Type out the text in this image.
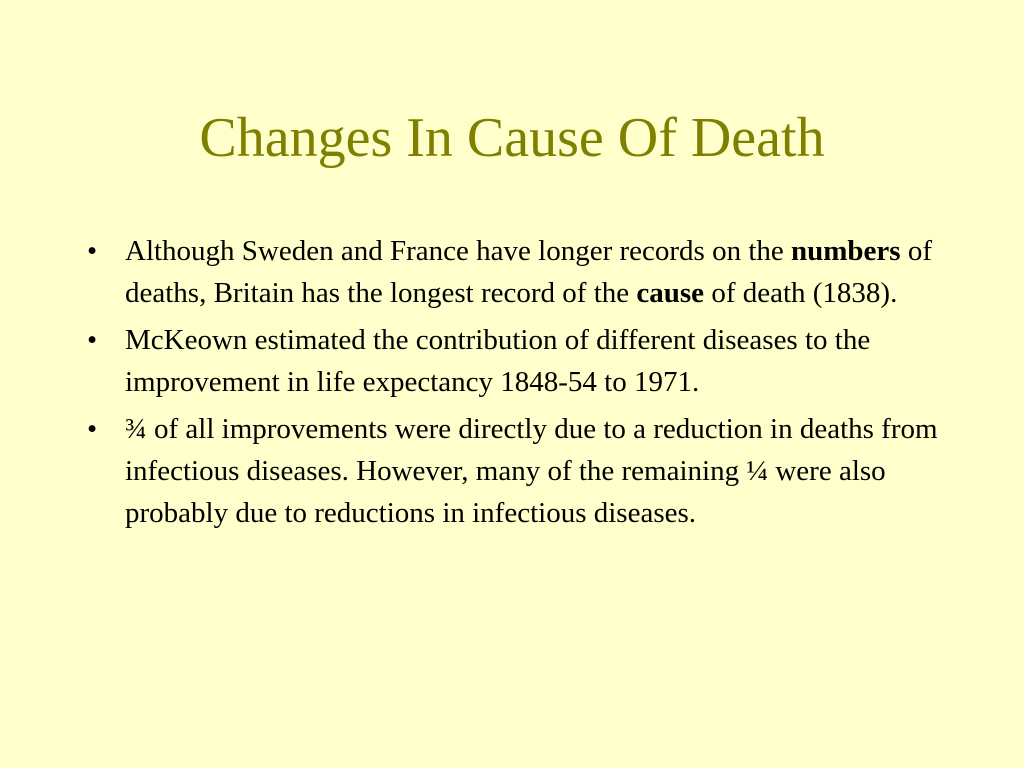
Changes In Cause Of Death
• Although Sweden and France have longer records on the numbers of deaths, Britain has the longest record of the cause of death (1838).
• McKeown estimated the contribution of different diseases to the improvement in life expectancy 1848-54 to 1971.
• ¾ of all improvements were directly due to a reduction in deaths from infectious diseases. However, many of the remaining ¼ were also probably due to reductions in infectious diseases.
